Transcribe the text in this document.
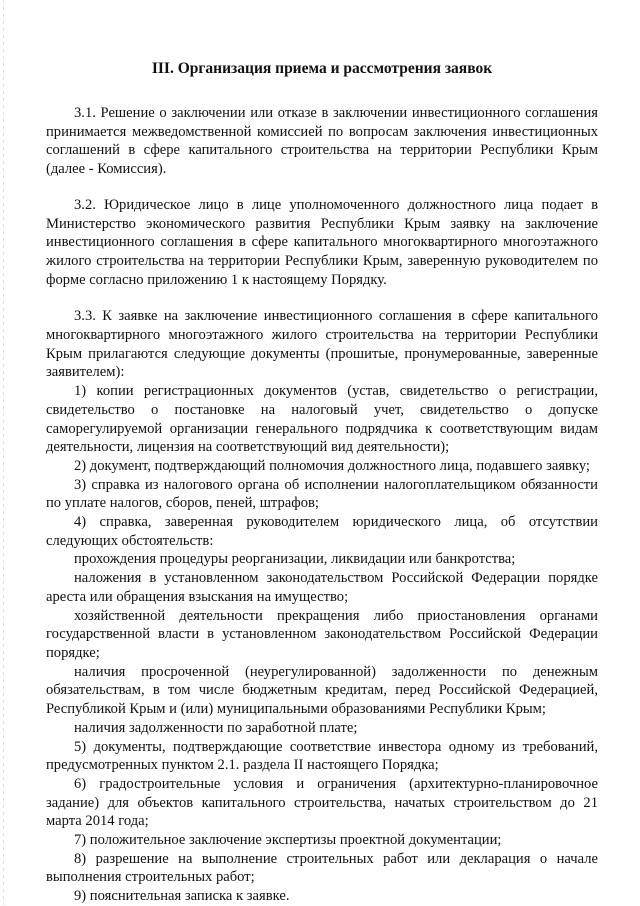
III. Организация приема и рассмотрения заявок

3.1. Решение о заключении или отказе в заключении инвестиционного соглашения принимается межведомственной комиссией по вопросам заключения инвестиционных соглашений в сфере капитального строительства на территории Республики Крым (далее - Комиссия).

3.2. Юридическое лицо в лице уполномоченного должностного лица подает в Министерство экономического развития Республики Крым заявку на заключение инвестиционного соглашения в сфере капитального многоквартирного многоэтажного жилого строительства на территории Республики Крым, заверенную руководителем по форме согласно приложению 1 к настоящему Порядку.

3.3. К заявке на заключение инвестиционного соглашения в сфере капитального многоквартирного многоэтажного жилого строительства на территории Республики Крым прилагаются следующие документы (прошитые, пронумерованные, заверенные заявителем):

1) копии регистрационных документов (устав, свидетельство о регистрации, свидетельство о постановке на налоговый учет, свидетельство о допуске саморегулируемой организации генерального подрядчика к соответствующим видам деятельности, лицензия на соответствующий вид деятельности);

2) документ, подтверждающий полномочия должностного лица, подавшего заявку;

3) справка из налогового органа об исполнении налогоплательщиком обязанности по уплате налогов, сборов, пеней, штрафов;

4) справка, заверенная руководителем юридического лица, об отсутствии следующих обстоятельств:

прохождения процедуры реорганизации, ликвидации или банкротства;

наложения в установленном законодательством Российской Федерации порядке ареста или обращения взыскания на имущество;

хозяйственной деятельности прекращения либо приостановления органами государственной власти в установленном законодательством Российской Федерации порядке;

наличия просроченной (неурегулированной) задолженности по денежным обязательствам, в том числе бюджетным кредитам, перед Российской Федерацией, Республикой Крым и (или) муниципальными образованиями Республики Крым;

наличия задолженности по заработной плате;

5) документы, подтверждающие соответствие инвестора одному из требований, предусмотренных пунктом 2.1. раздела II настоящего Порядка;

6) градостроительные условия и ограничения (архитектурно-планировочное задание) для объектов капитального строительства, начатых строительством до 21 марта 2014 года;

7) положительное заключение экспертизы проектной документации;

8) разрешение на выполнение строительных работ или декларация о начале выполнения строительных работ;

9) пояснительная записка к заявке.
